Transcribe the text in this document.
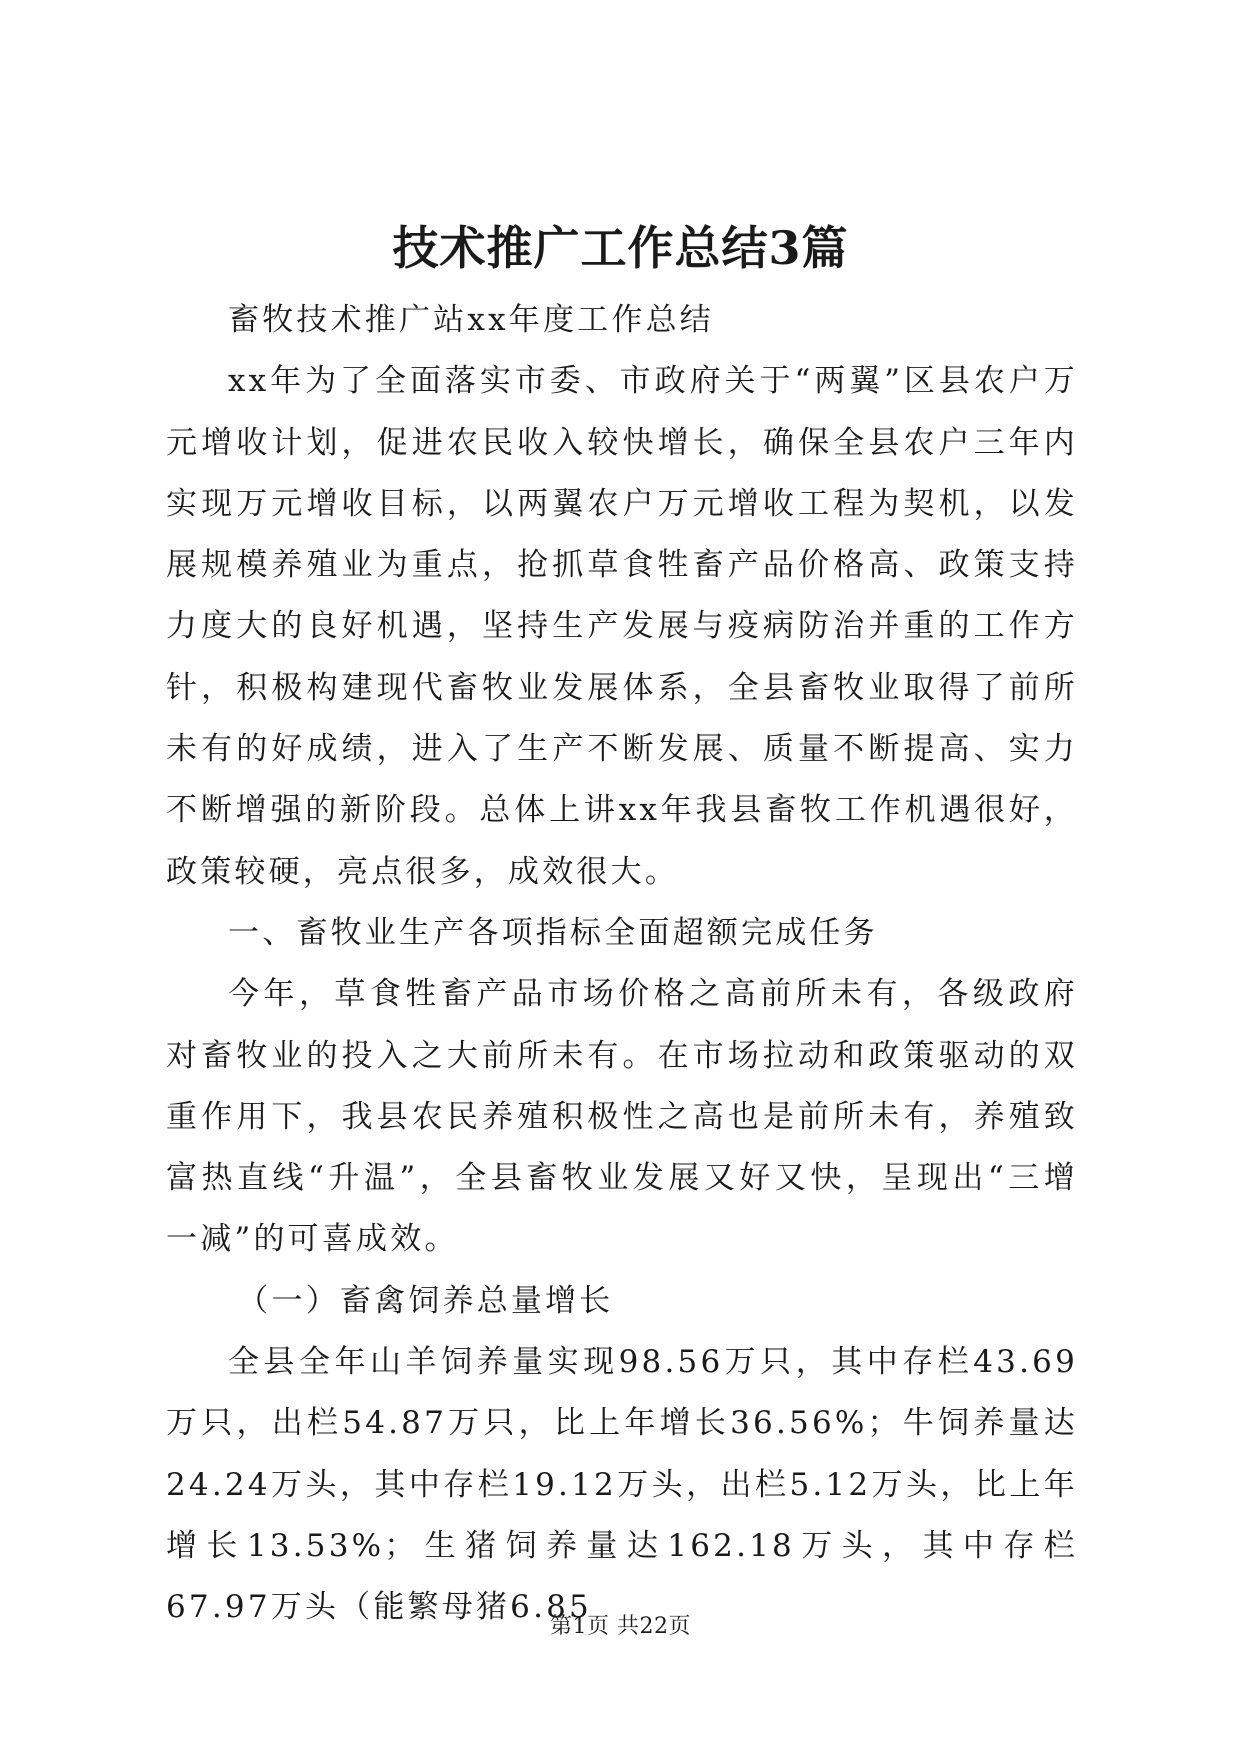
技术推广工作总结3篇

畜牧技术推广站xx年度工作总结

xx年为了全面落实市委、市政府关于“两翼”区县农户万元增收计划，促进农民收入较快增长，确保全县农户三年内实现万元增收目标，以两翼农户万元增收工程为契机，以发展规模养殖业为重点，抢抓草食牲畜产品价格高、政策支持力度大的良好机遇，坚持生产发展与疫病防治并重的工作方针，积极构建现代畜牧业发展体系，全县畜牧业取得了前所未有的好成绩，进入了生产不断发展、质量不断提高、实力不断增强的新阶段。总体上讲xx年我县畜牧工作机遇很好，政策较硬，亮点很多，成效很大。

一、畜牧业生产各项指标全面超额完成任务

今年，草食牲畜产品市场价格之高前所未有，各级政府对畜牧业的投入之大前所未有。在市场拉动和政策驱动的双重作用下，我县农民养殖积极性之高也是前所未有，养殖致富热直线“升温”，全县畜牧业发展又好又快，呈现出“三增一减”的可喜成效。

（一）畜禽饲养总量增长

全县全年山羊饲养量实现98.56万只，其中存栏43.69万只，出栏54.87万只，比上年增长36.56%；牛饲养量达24.24万头，其中存栏19.12万头，出栏5.12万头，比上年增长13.53%；生猪饲养量达162.18万头，其中存栏67.97万头（能繁母猪6.85

第1页 共22页
